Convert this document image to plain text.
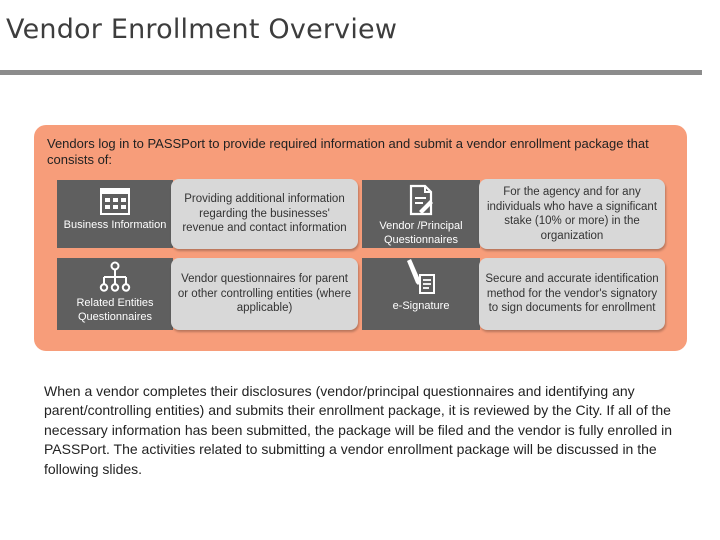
Vendor Enrollment Overview
Vendors log in to PASSPort to provide required information and submit a vendor enrollment package that consists of:
Business Information
Providing additional information regarding the businesses' revenue and contact information	Vendor /Principal Questionnaires
For the agency and for any individuals who have a significant stake (10% or more) in the organization
Related Entities Questionnaires
Vendor questionnaires for parent or other controlling entities (where applicable)	e-Signature
Secure and accurate identification method for the vendor's signatory to sign documents for enrollment
When a vendor completes their disclosures (vendor/principal questionnaires and identifying any parent/controlling entities) and submits their enrollment package, it is reviewed by the City. If all of the necessary information has been submitted, the package will be filed and the vendor is fully enrolled in PASSPort. The activities related to submitting a vendor enrollment package will be discussed in the following slides.
